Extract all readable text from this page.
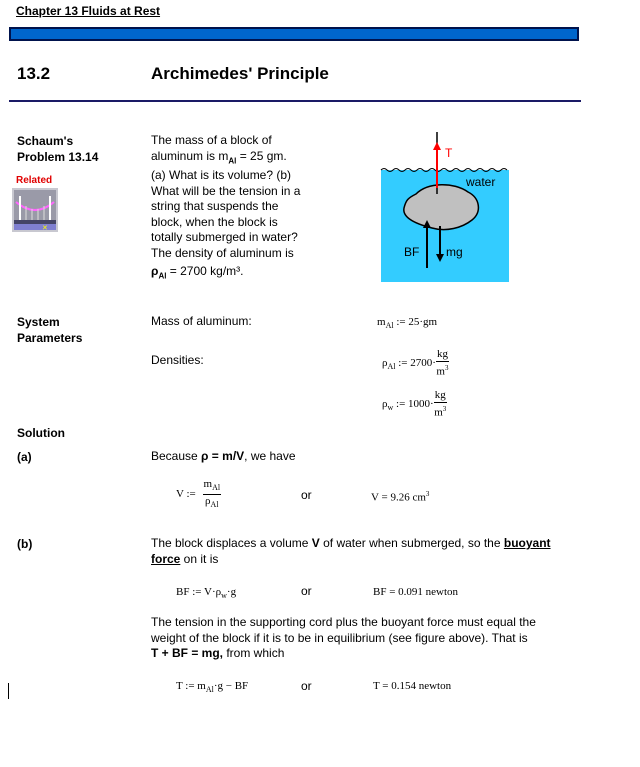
Chapter 13 Fluids at Rest
13.2	Archimedes' Principle
Schaum's
Problem 13.14
Related
✕
The mass of a block of
aluminum is $m_{Al} = 25$ gm.
(a) What is its volume? (b)
What will be the tension in a
string that suspends the
block, when the block is
totally submerged in water?
The density of aluminum is
$\rho_{Al} = 2700$ kg/m³.
T
water
BF mg
System
Parameters
Mass of aluminum:	$m_{Al}$ := 25·gm
Densities:	$\rho_{Al}$ := $2700\cdot \frac{kg}{m^3}$
$\rho_w$ := $1000\cdot \frac{kg}{m^3}$
Solution
(a)	Because ρ = m/V, we have
V := $\frac{m_{Al}}{\rho_{Al}}$	or	V = 9.26 $cm^3$
(b)	The block displaces a volume V of water when submerged, so the buoyant
force on it is
BF := $V\cdot\rho_w\cdot g$	or	BF = 0.091 newton
The tension in the supporting cord plus the buoyant force must equal the
weight of the block if it is to be in equilibrium (see figure above). That is
T + BF = mg, from which
T := $m_{Al}\cdot g$ − BF	or	T = 0.154 newton
